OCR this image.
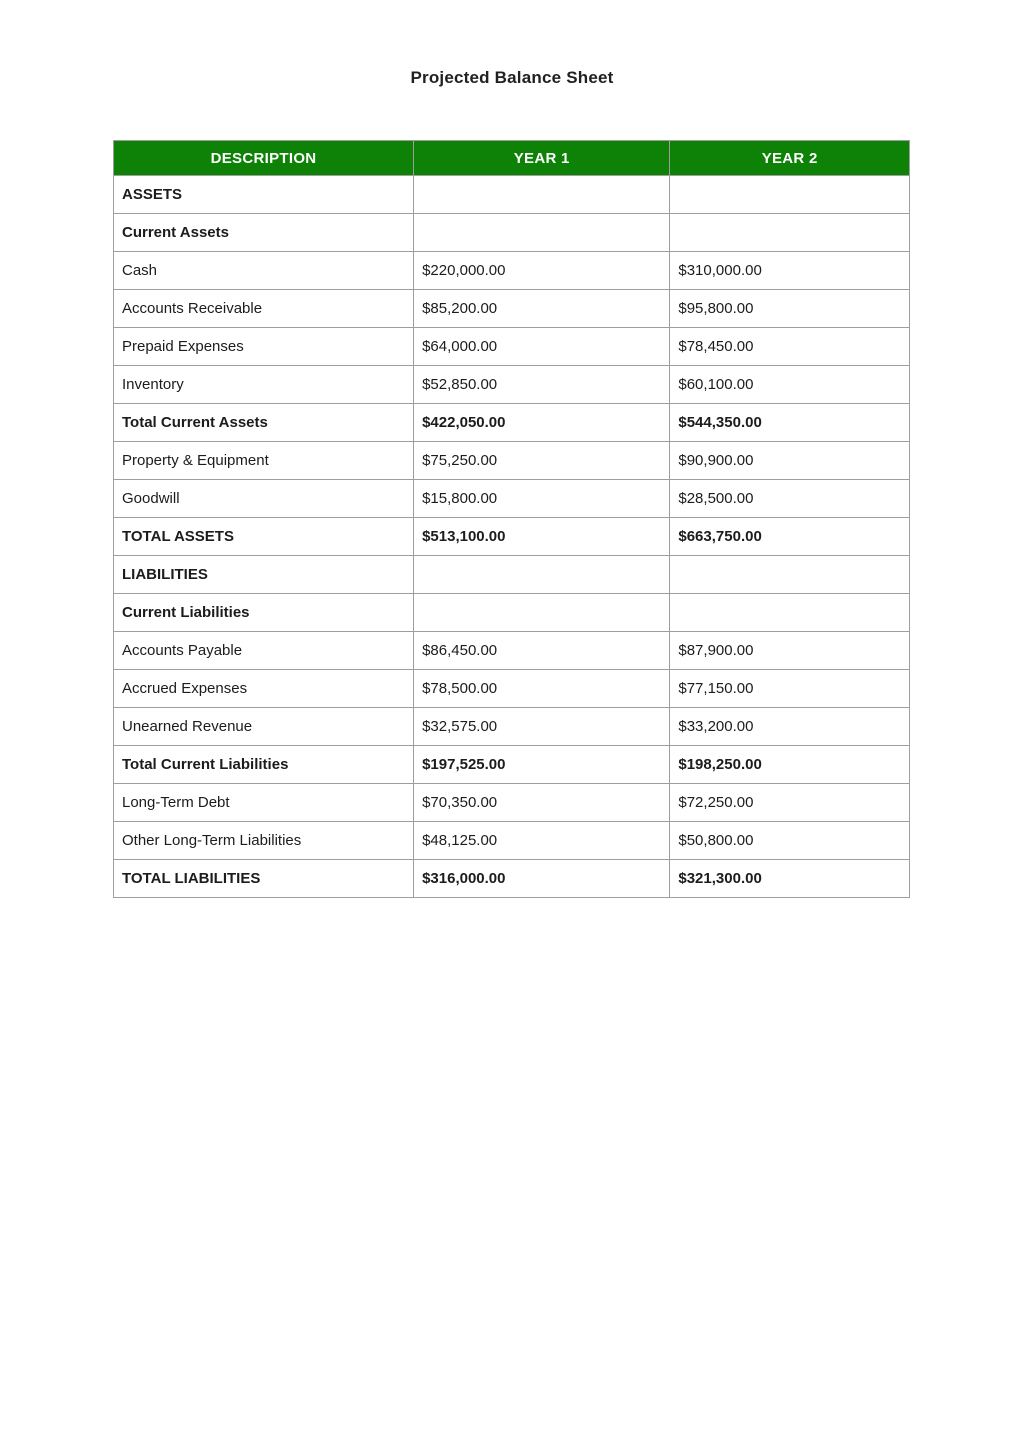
Projected Balance Sheet
DESCRIPTION	YEAR 1	YEAR 2
ASSETS		
Current Assets		
Cash	$220,000.00	$310,000.00
Accounts Receivable	$85,200.00	$95,800.00
Prepaid Expenses	$64,000.00	$78,450.00
Inventory	$52,850.00	$60,100.00
Total Current Assets	$422,050.00	$544,350.00
Property & Equipment	$75,250.00	$90,900.00
Goodwill	$15,800.00	$28,500.00
TOTAL ASSETS	$513,100.00	$663,750.00
LIABILITIES		
Current Liabilities		
Accounts Payable	$86,450.00	$87,900.00
Accrued Expenses	$78,500.00	$77,150.00
Unearned Revenue	$32,575.00	$33,200.00
Total Current Liabilities	$197,525.00	$198,250.00
Long-Term Debt	$70,350.00	$72,250.00
Other Long-Term Liabilities	$48,125.00	$50,800.00
TOTAL LIABILITIES	$316,000.00	$321,300.00
